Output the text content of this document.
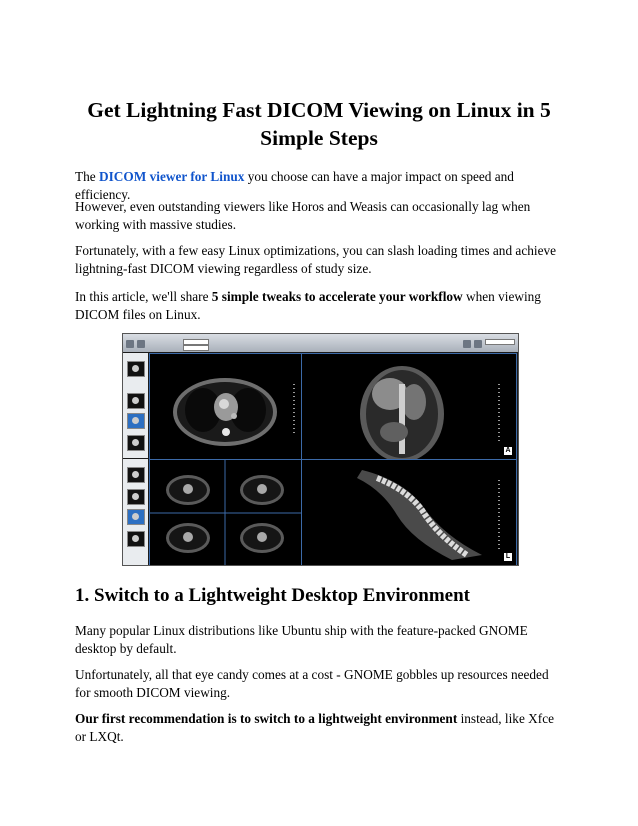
Get Lightning Fast DICOM Viewing on Linux in 5 Simple Steps

The DICOM viewer for Linux you choose can have a major impact on speed and efficiency.

However, even outstanding viewers like Horos and Weasis can occasionally lag when working with massive studies.

Fortunately, with a few easy Linux optimizations, you can slash loading times and achieve lightning-fast DICOM viewing regardless of study size.

In this article, we'll share 5 simple tweaks to accelerate your workflow when viewing DICOM files on Linux.

A
L
1. Switch to a Lightweight Desktop Environment

Many popular Linux distributions like Ubuntu ship with the feature-packed GNOME desktop by default.

Unfortunately, all that eye candy comes at a cost - GNOME gobbles up resources needed for smooth DICOM viewing.

Our first recommendation is to switch to a lightweight environment instead, like Xfce or LXQt.
